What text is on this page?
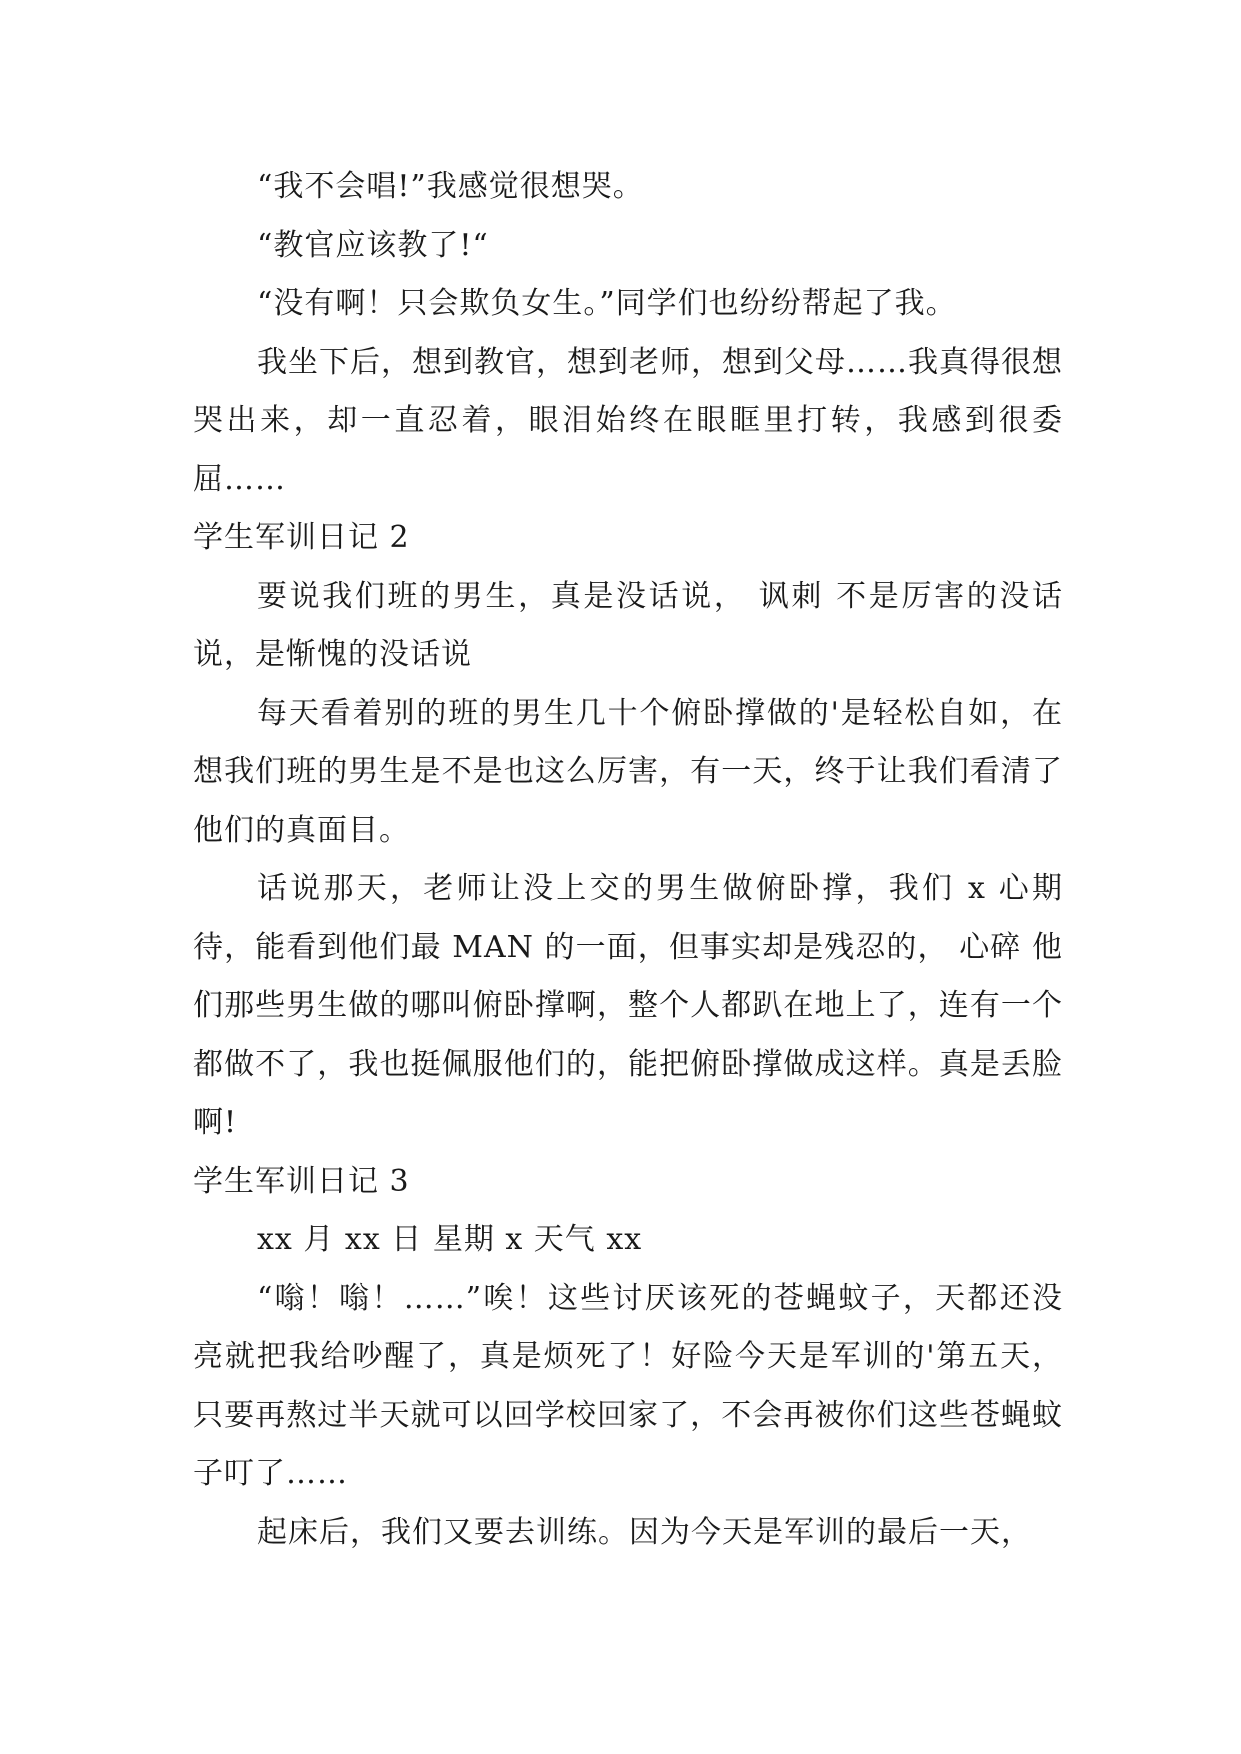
“我不会唱!”我感觉很想哭。

“教官应该教了!“

“没有啊！只会欺负女生。”同学们也纷纷帮起了我。

我坐下后，想到教官，想到老师，想到父母……我真得很想哭出来，却一直忍着，眼泪始终在眼眶里打转，我感到很委屈……

学生军训日记 2

要说我们班的男生，真是没话说， 讽刺 不是厉害的没话说，是惭愧的没话说

每天看着别的班的男生几十个俯卧撑做的'是轻松自如，在想我们班的男生是不是也这么厉害，有一天，终于让我们看清了他们的真面目。

话说那天，老师让没上交的男生做俯卧撑，我们 x 心期待，能看到他们最 MAN 的一面，但事实却是残忍的， 心碎 他们那些男生做的哪叫俯卧撑啊，整个人都趴在地上了，连有一个都做不了，我也挺佩服他们的，能把俯卧撑做成这样。真是丢脸啊!

学生军训日记 3

xx 月 xx 日 星期 x 天气 xx

“嗡！嗡！……”唉！这些讨厌该死的苍蝇蚊子，天都还没亮就把我给吵醒了，真是烦死了！好险今天是军训的'第五天，只要再熬过半天就可以回学校回家了，不会再被你们这些苍蝇蚊子叮了……

起床后，我们又要去训练。因为今天是军训的最后一天，
